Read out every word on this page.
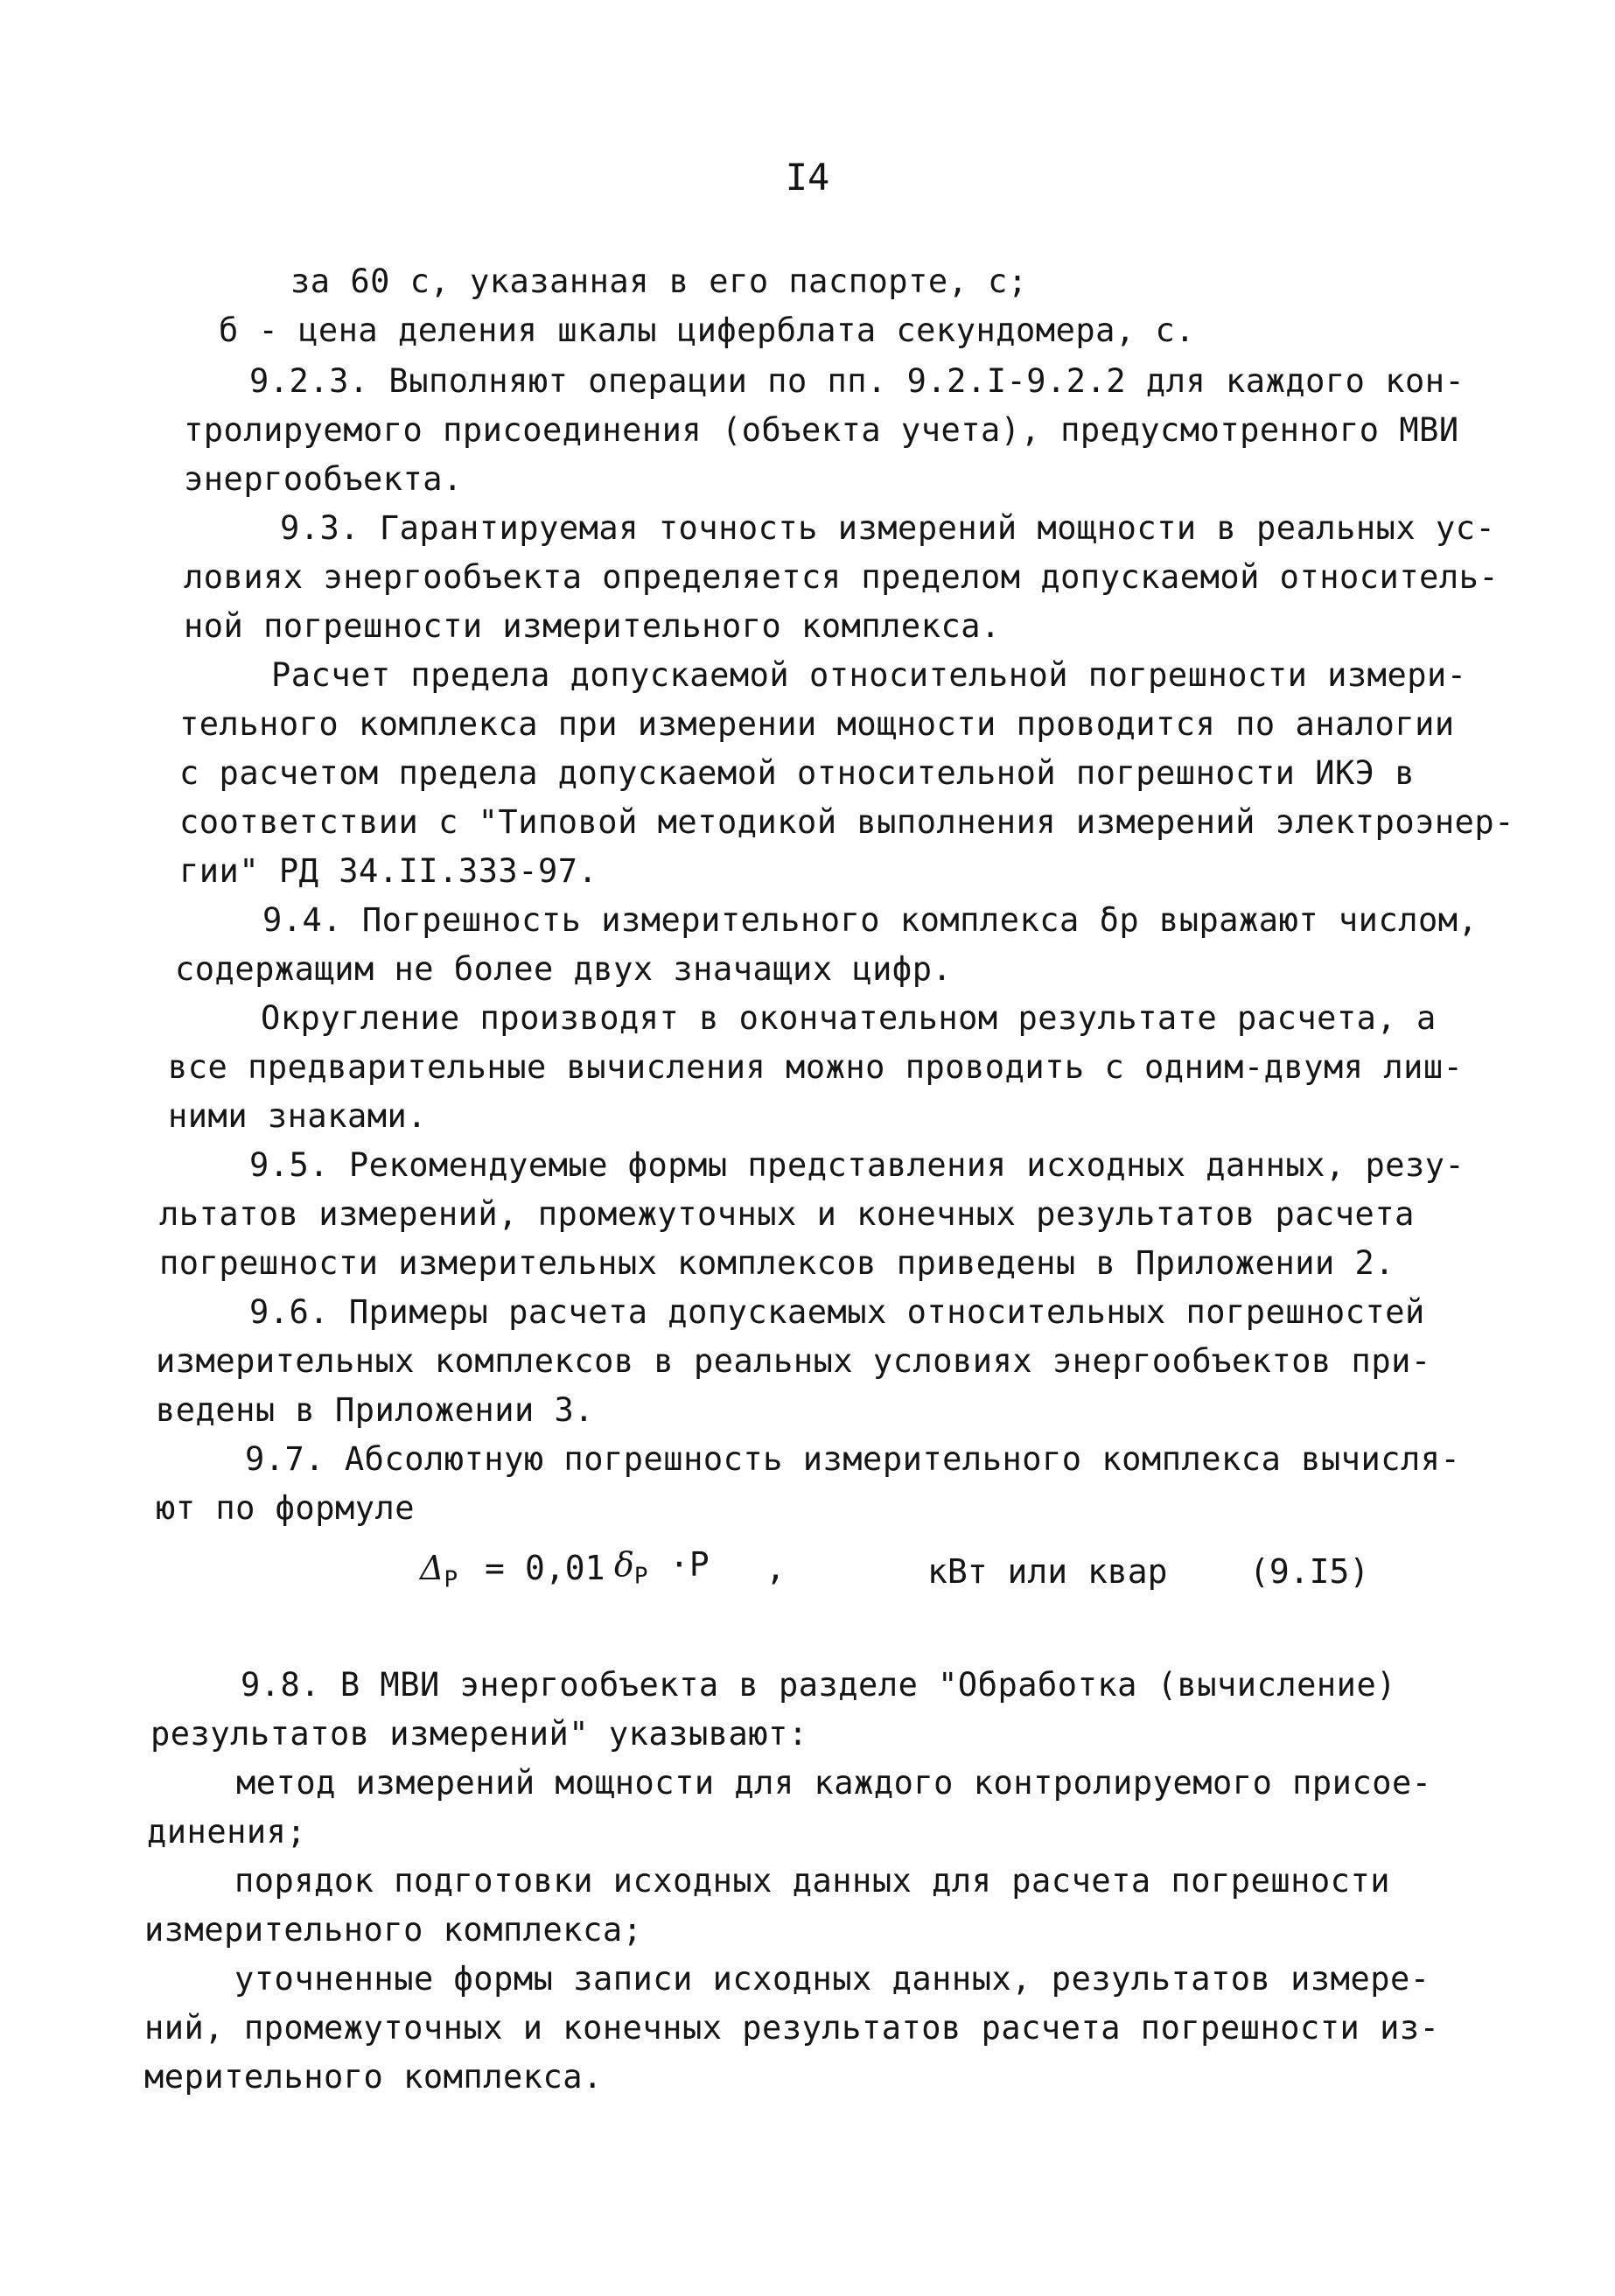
I4
за 60 с, указанная в его паспорте, с;
б - цена деления шкалы циферблата секундомера, с.
9.2.3. Выполняют операции по пп. 9.2.I-9.2.2 для каждого кон-
тролируемого присоединения (объекта учета), предусмотренного МВИ
энергообъекта.
9.3. Гарантируемая точность измерений мощности в реальных ус-
ловиях энергообъекта определяется пределом допускаемой относитель-
ной погрешности измерительного комплекса.
Расчет предела допускаемой относительной погрешности измери-
тельного комплекса при измерении мощности проводится по аналогии
с расчетом предела допускаемой относительной погрешности ИКЭ в
соответствии с "Типовой методикой выполнения измерений электроэнер-
гии" РД 34.II.333-97.
9.4. Погрешность измерительного комплекса δр выражают числом,
содержащим не более двух значащих цифр.
Округление производят в окончательном результате расчета, а
все предварительные вычисления можно проводить с одним-двумя лиш-
ними знаками.
9.5. Рекомендуемые формы представления исходных данных, резу-
льтатов измерений, промежуточных и конечных результатов расчета
погрешности измерительных комплексов приведены в Приложении 2.
9.6. Примеры расчета допускаемых относительных погрешностей
измерительных комплексов в реальных условиях энергообъектов при-
ведены в Приложении 3.
9.7. Абсолютную погрешность измерительного комплекса вычисля-
ют по формуле
$\Delta_P = 0,01$ $\delta_P \cdot P$ ,	кВт или квар (9.I5)
9.8. В МВИ энергообъекта в разделе "Обработка (вычисление)
результатов измерений" указывают:
метод измерений мощности для каждого контролируемого присое-
динения;
порядок подготовки исходных данных для расчета погрешности
измерительного комплекса;
уточненные формы записи исходных данных, результатов измере-
ний, промежуточных и конечных результатов расчета погрешности из-
мерительного комплекса.
